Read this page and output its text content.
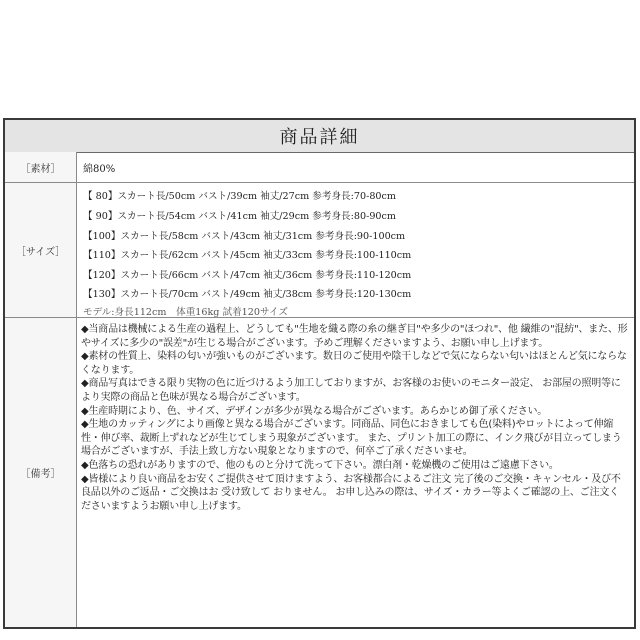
商品詳細
［素材］	綿80%
［サイズ］
【 80】スカート長/50cm バスト/39cm 袖丈/27cm 参考身長:70-80cm
【 90】スカート長/54cm バスト/41cm 袖丈/29cm 参考身長:80-90cm
【100】スカート長/58cm バスト/43cm 袖丈/31cm 参考身長:90-100cm
【110】スカート長/62cm バスト/45cm 袖丈/33cm 参考身長:100-110cm
【120】スカート長/66cm バスト/47cm 袖丈/36cm 参考身長:110-120cm
【130】スカート長/70cm バスト/49cm 袖丈/38cm 参考身長:120-130cm
モデル:身長112cm　体重16kg 試着120サイズ
［備考］

◆当商品は機械による生産の過程上、どうしても"生地を織る際の糸の継ぎ目"や多少の"ほつれ"、他 繊維の"混紡"、また、形やサイズに多少の"誤差"が生じる場合がございます。予めご理解くださいますよう、お願い申し上げます。

◆素材の性質上、染料の匂いが強いものがございます。数日のご使用や陰干しなどで気にならない匂いはほとんど気にならなくなります。

◆商品写真はできる限り実物の色に近づけるよう加工しておりますが、お客様のお使いのモニター設定、 お部屋の照明等により実際の商品と色味が異なる場合がございます。

◆生産時期により、色、サイズ、デザインが多少が異なる場合がございます。あらかじめ御了承ください。

◆生地のカッティングにより画像と異なる場合がございます。同商品、同色におきましても色(染料)やロットによって伸縮性・伸び率、裁断上ずれなどが生じてしまう現象がございます。 また、プリント加工の際に、インク飛びが目立ってしまう場合がございますが、手法上致し方ない現象となりますので、何卒ご了承くださいませ。

◆色落ちの恐れがありますので、他のものと分けて洗って下さい。漂白剤・乾燥機のご使用はご遠慮下さい。

◆皆様により良い商品をお安くご提供させて頂けますよう、お客様都合によるご注文 完了後のご交換・キャンセル・及び不良品以外のご返品・ご交換はお 受け致して おりません。 お申し込みの際は、サイズ・カラー等よくご確認の上、ご注文くださいますようお願い申し上げます。
